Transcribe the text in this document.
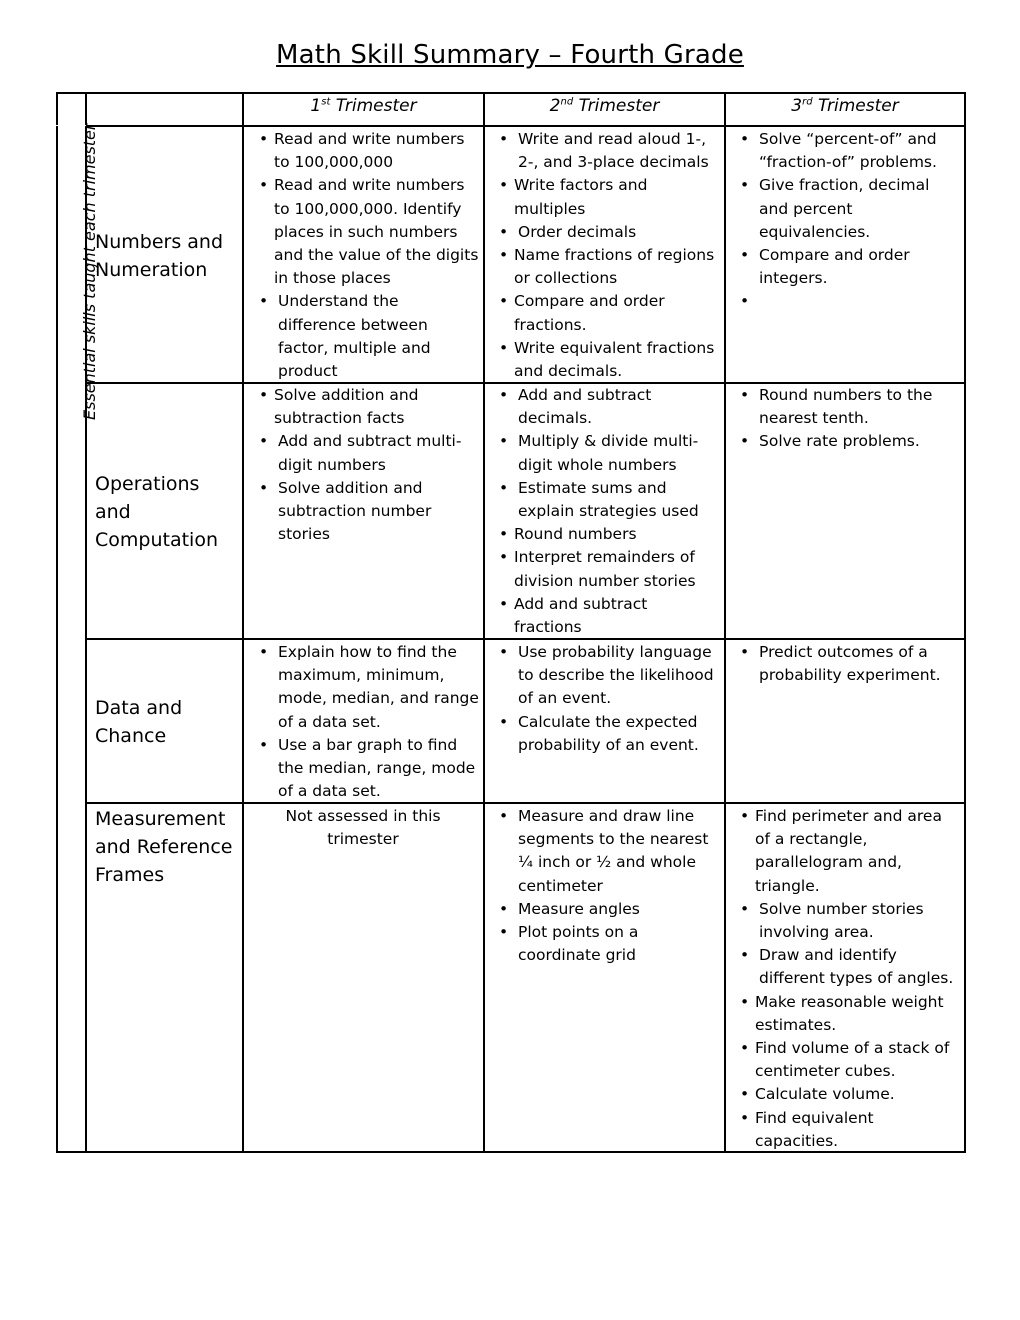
Math Skill Summary – Fourth Grade
1st Trimester	2nd Trimester	3rd Trimester
Essential skills taught each trimester
Numbers and
Numeration
• Read and write numbers to 100,000,000
• Read and write numbers to 100,000,000. Identify places in such numbers and the value of the digits in those places
• Understand the difference between factor, multiple and product
• Write and read aloud 1-, 2-, and 3-place decimals
• Write factors and multiples
• Order decimals
• Name fractions of regions or collections
• Compare and order fractions.
• Write equivalent fractions and decimals.
• Solve “percent-of” and “fraction-of” problems.
• Give fraction, decimal and percent equivalencies.
• Compare and order integers.
•
Operations
and
Computation
• Solve addition and subtraction facts
• Add and subtract multi-digit numbers
• Solve addition and subtraction number stories
• Add and subtract decimals.
• Multiply & divide multi-digit whole numbers
• Estimate sums and explain strategies used
• Round numbers
• Interpret remainders of division number stories
• Add and subtract fractions
• Round numbers to the nearest tenth.
• Solve rate problems.
Data and
Chance
• Explain how to find the maximum, minimum, mode, median, and range of a data set.
• Use a bar graph to find the median, range, mode of a data set.
• Use probability language to describe the likelihood of an event.
• Calculate the expected probability of an event.
• Predict outcomes of a probability experiment.
Measurement
and Reference
Frames
Not assessed in this trimester
• Measure and draw line segments to the nearest ¼ inch or ½ and whole centimeter
• Measure angles
• Plot points on a coordinate grid
• Find perimeter and area of a rectangle, parallelogram and, triangle.
• Solve number stories involving area.
• Draw and identify different types of angles.
• Make reasonable weight estimates.
• Find volume of a stack of centimeter cubes.
• Calculate volume.
• Find equivalent capacities.
